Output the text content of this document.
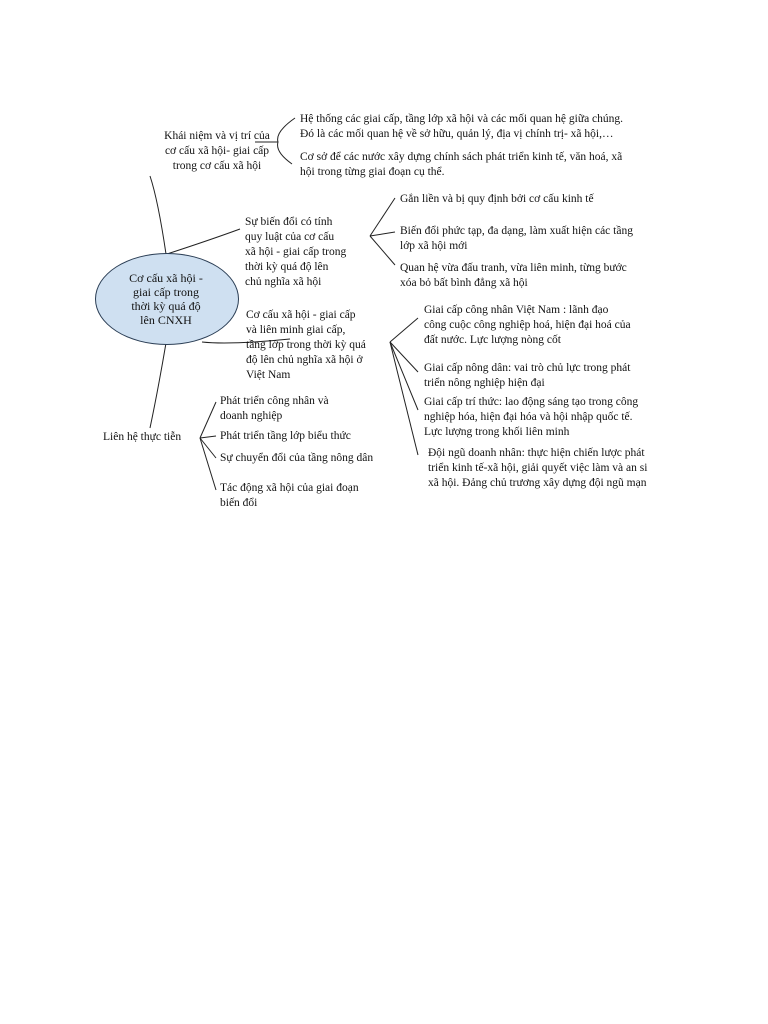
Cơ cấu xã hội -
giai cấp trong
thời kỳ quá độ
lên CNXH
Khái niệm và vị trí của
cơ cấu xã hội- giai cấp
trong cơ cấu xã hội
Hệ thống các giai cấp, tầng lớp xã hội và các mối quan hệ giữa chúng.
Đó là các mối quan hệ về sở hữu, quản lý, địa vị chính trị- xã hội,…
Cơ sở để các nước xây dựng chính sách phát triển kinh tế, văn hoá, xã
hội trong từng giai đoạn cụ thể.
Sự biến đổi có tính
quy luật của cơ cấu
xã hội - giai cấp trong
thời kỳ quá độ lên
chủ nghĩa xã hội
Gắn liền và bị quy định bởi cơ cấu kinh tế
Biến đổi phức tạp, đa dạng, làm xuất hiện các tầng
lớp xã hội mới
Quan hệ vừa đấu tranh, vừa liên minh, từng bước
xóa bỏ bất bình đẳng xã hội
Cơ cấu xã hội - giai cấp
và liên minh giai cấp,
tầng lớp trong thời kỳ quá
độ lên chủ nghĩa xã hội ở
Việt Nam
Giai cấp công nhân Việt Nam : lãnh đạo
công cuộc công nghiệp hoá, hiện đại hoá của
đất nước. Lực lượng nòng cốt
Giai cấp nông dân: vai trò chủ lực trong phát
triển nông nghiệp hiện đại
Giai cấp trí thức: lao động sáng tạo trong công
nghiệp hóa, hiện đại hóa và hội nhập quốc tế.
Lực lượng trong khối liên minh
Đội ngũ doanh nhân: thực hiện chiến lược phát
triển kinh tế-xã hội, giải quyết việc làm và an si
xã hội. Đảng chủ trương xây dựng đội ngũ mạn
Liên hệ thực tiễn
Phát triển công nhân và
doanh nghiệp
Phát triển tầng lớp biểu thức
Sự chuyển đổi của tầng nông dân
Tác động xã hội của giai đoạn
biến đổi
